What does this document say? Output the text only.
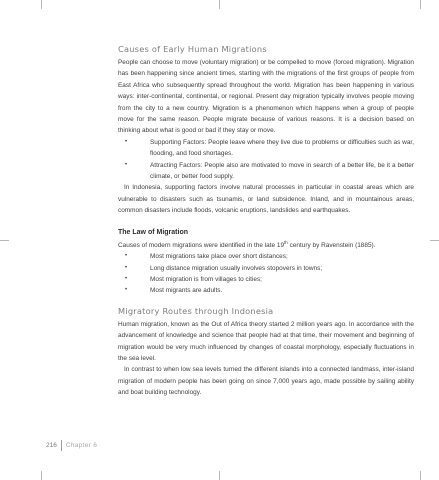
Causes of Early Human Migrations

People can choose to move (voluntary migration) or be compelled to move (forced migration). Migration has been happening since ancient times, starting with the migrations of the first groups of people from East Africa who subsequently spread throughout the world. Migration has been happening in various ways: inter-continental, continental, or regional. Present day migration typically involves people moving from the city to a new country. Migration is a phenomenon which happens when a group of people move for the same reason. People migrate because of various reasons. It is a decision based on thinking about what is good or bad if they stay or move.

•	Supporting Factors: People leave where they live due to problems or difficulties such as war, flooding, and food shortages.
•	Attracting Factors: People also are motivated to move in search of a better life, be it a better climate, or better food supply.

In Indonesia, supporting factors involve natural processes in particular in coastal areas which are vulnerable to disasters such as tsunamis, or land subsidence. Inland, and in mountainous areas, common disasters include floods, volcanic eruptions, landslides and earthquakes.

The Law of Migration

Causes of modern migrations were identified in the late 19th century by Ravenstein (1885).

•	Most migrations take place over short distances;
•	Long distance migration usually involves stopovers in towns;
•	Most migration is from villages to cities;
•	Most migrants are adults.
Migratory Routes through Indonesia

Human migration, known as the Out of Africa theory started 2 million years ago. In accordance with the advancement of knowledge and science that people had at that time, their movement and beginning of migration would be very much influenced by changes of coastal morphology, especially fluctuations in the sea level.

In contrast to when low sea levels turned the different islands into a connected landmass, inter-island migration of modern people has been going on since 7,000 years ago, made possible by sailing ability and boat building technology.

216	Chapter 6
